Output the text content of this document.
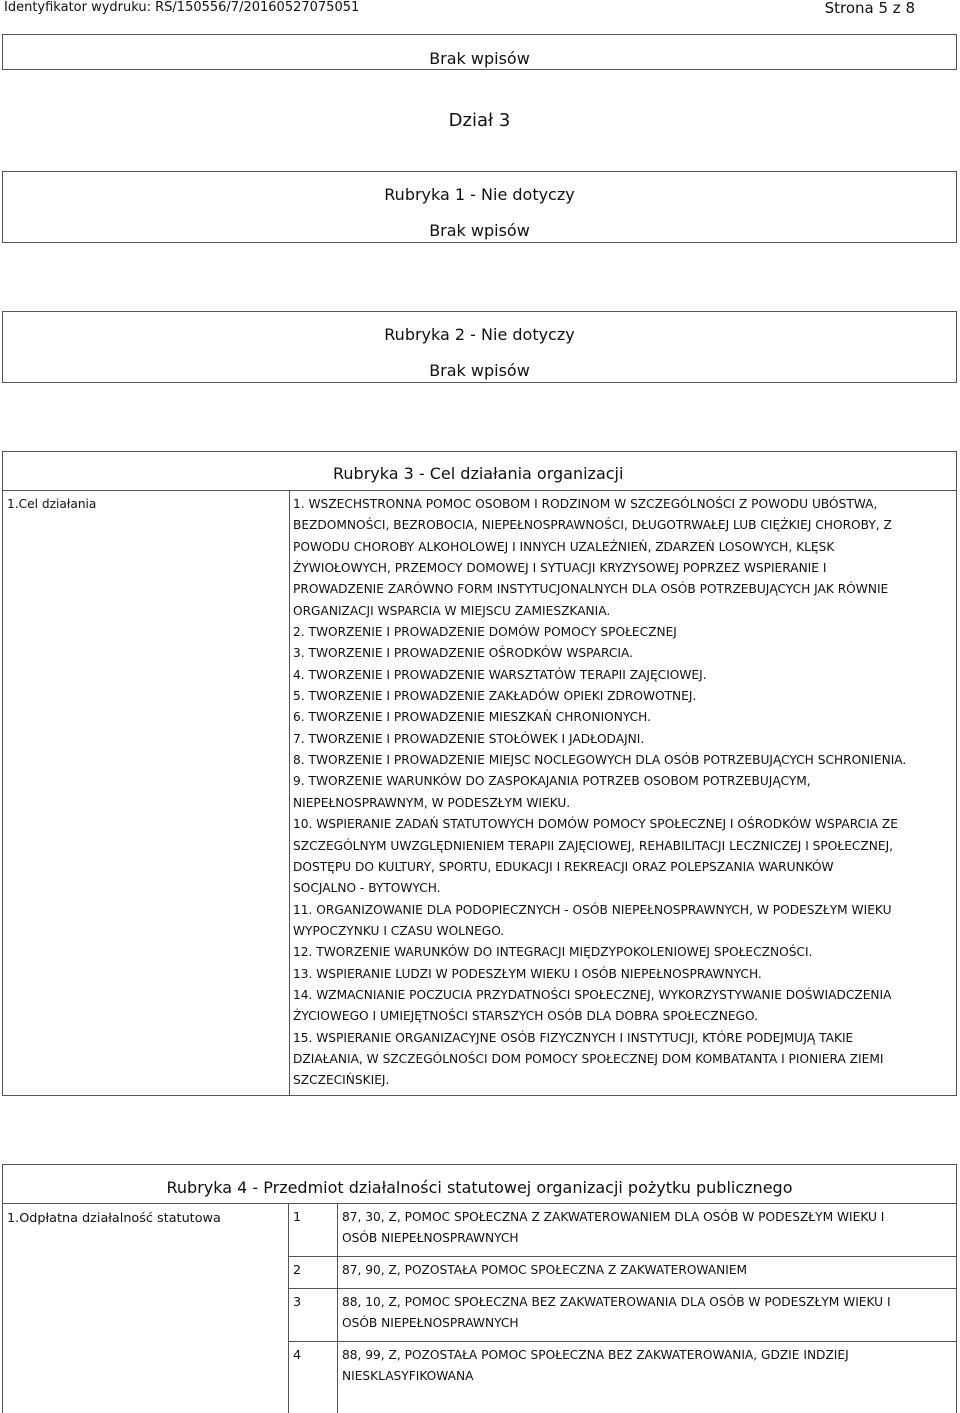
Identyfikator wydruku: RS/150556/7/20160527075051	Strona 5 z 8
Brak wpisów
Dział 3
Rubryka 1 - Nie dotyczy
Brak wpisów
Rubryka 2 - Nie dotyczy
Brak wpisów
Rubryka 3 - Cel działania organizacji
1.Cel działania	1. WSZECHSTRONNA POMOC OSOBOM I RODZINOM W SZCZEGÓLNOŚCI Z POWODU UBÓSTWA,
BEZDOMNOŚCI, BEZROBOCIA, NIEPEŁNOSPRAWNOŚCI, DŁUGOTRWAŁEJ LUB CIĘŻKIEJ CHOROBY, Z
POWODU CHOROBY ALKOHOLOWEJ I INNYCH UZALEŻNIEŃ, ZDARZEŃ LOSOWYCH, KLĘSK
ŻYWIOŁOWYCH, PRZEMOCY DOMOWEJ I SYTUACJI KRYZYSOWEJ POPRZEZ WSPIERANIE I
PROWADZENIE ZARÓWNO FORM INSTYTUCJONALNYCH DLA OSÓB POTRZEBUJĄCYCH JAK RÓWNIE
ORGANIZACJI WSPARCIA W MIEJSCU ZAMIESZKANIA.
2. TWORZENIE I PROWADZENIE DOMÓW POMOCY SPOŁECZNEJ
3. TWORZENIE I PROWADZENIE OŚRODKÓW WSPARCIA.
4. TWORZENIE I PROWADZENIE WARSZTATÓW TERAPII ZAJĘCIOWEJ.
5. TWORZENIE I PROWADZENIE ZAKŁADÓW OPIEKI ZDROWOTNEJ.
6. TWORZENIE I PROWADZENIE MIESZKAŃ CHRONIONYCH.
7. TWORZENIE I PROWADZENIE STOŁÓWEK I JADŁODAJNI.
8. TWORZENIE I PROWADZENIE MIEJSC NOCLEGOWYCH DLA OSÓB POTRZEBUJĄCYCH SCHRONIENIA.
9. TWORZENIE WARUNKÓW DO ZASPOKAJANIA POTRZEB OSOBOM POTRZEBUJĄCYM,
NIEPEŁNOSPRAWNYM, W PODESZŁYM WIEKU.
10. WSPIERANIE ZADAŃ STATUTOWYCH DOMÓW POMOCY SPOŁECZNEJ I OŚRODKÓW WSPARCIA ZE
SZCZEGÓLNYM UWZGLĘDNIENIEM TERAPII ZAJĘCIOWEJ, REHABILITACJI LECZNICZEJ I SPOŁECZNEJ,
DOSTĘPU DO KULTURY, SPORTU, EDUKACJI I REKREACJI ORAZ POLEPSZANIA WARUNKÓW
SOCJALNO - BYTOWYCH.
11. ORGANIZOWANIE DLA PODOPIECZNYCH - OSÓB NIEPEŁNOSPRAWNYCH, W PODESZŁYM WIEKU
WYPOCZYNKU I CZASU WOLNEGO.
12. TWORZENIE WARUNKÓW DO INTEGRACJI MIĘDZYPOKOLENIOWEJ SPOŁECZNOŚCI.
13. WSPIERANIE LUDZI W PODESZŁYM WIEKU I OSÓB NIEPEŁNOSPRAWNYCH.
14. WZMACNIANIE POCZUCIA PRZYDATNOŚCI SPOŁECZNEJ, WYKORZYSTYWANIE DOŚWIADCZENIA
ŻYCIOWEGO I UMIEJĘTNOŚCI STARSZYCH OSÓB DLA DOBRA SPOŁECZNEGO.
15. WSPIERANIE ORGANIZACYJNE OSÓB FIZYCZNYCH I INSTYTUCJI, KTÓRE PODEJMUJĄ TAKIE
DZIAŁANIA, W SZCZEGÓLNOŚCI DOM POMOCY SPOŁECZNEJ DOM KOMBATANTA I PIONIERA ZIEMI
SZCZECIŃSKIEJ.
Rubryka 4 - Przedmiot działalności statutowej organizacji pożytku publicznego
1.Odpłatna działalność statutowa	1	87, 30, Z, POMOC SPOŁECZNA Z ZAKWATEROWANIEM DLA OSÓB W PODESZŁYM WIEKU I
OSÓB NIEPEŁNOSPRAWNYCH
2	87, 90, Z, POZOSTAŁA POMOC SPOŁECZNA Z ZAKWATEROWANIEM
3	88, 10, Z, POMOC SPOŁECZNA BEZ ZAKWATEROWANIA DLA OSÓB W PODESZŁYM WIEKU I
OSÓB NIEPEŁNOSPRAWNYCH
4	88, 99, Z, POZOSTAŁA POMOC SPOŁECZNA BEZ ZAKWATEROWANIA, GDZIE INDZIEJ
NIESKLASYFIKOWANA
